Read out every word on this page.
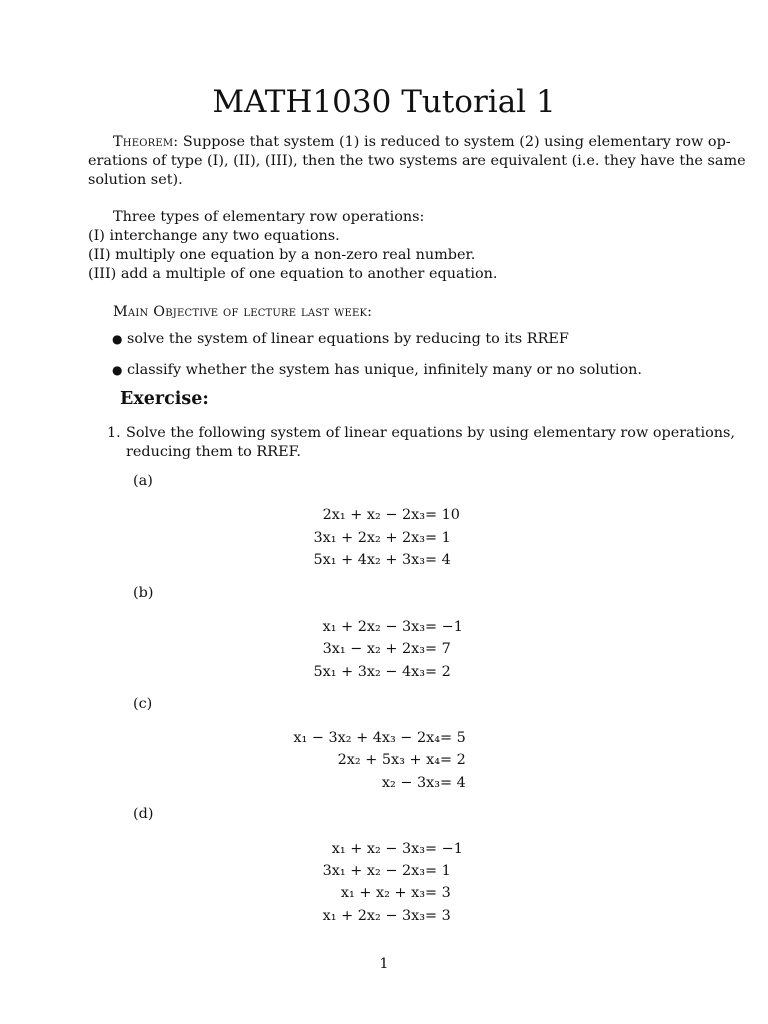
MATH1030 Tutorial 1
Theorem: Suppose that system (1) is reduced to system (2) using elementary row op-
erations of type (I), (II), (III), then the two systems are equivalent (i.e. they have the same
solution set).
Three types of elementary row operations:
(I) interchange any two equations.
(II) multiply one equation by a non-zero real number.
(III) add a multiple of one equation to another equation.
Main Objective of lecture last week:
● solve the system of linear equations by reducing to its RREF
● classify whether the system has unique, infinitely many or no solution.
Exercise:
1. Solve the following system of linear equations by using elementary row operations,
reducing them to RREF.
(a)
2x₁ + x₂ − 2x₃ = 10
3x₁ + 2x₂ + 2x₃ = 1
5x₁ + 4x₂ + 3x₃ = 4
(b)
x₁ + 2x₂ − 3x₃ = −1
3x₁ − x₂ + 2x₃ = 7
5x₁ + 3x₂ − 4x₃ = 2
(c)
x₁ − 3x₂ + 4x₃ − 2x₄ = 5
2x₂ + 5x₃ + x₄ = 2
x₂ − 3x₃ = 4
(d)
x₁ + x₂ − 3x₃ = −1
3x₁ + x₂ − 2x₃ = 1
x₁ + x₂ + x₃ = 3
x₁ + 2x₂ − 3x₃ = 3
1
